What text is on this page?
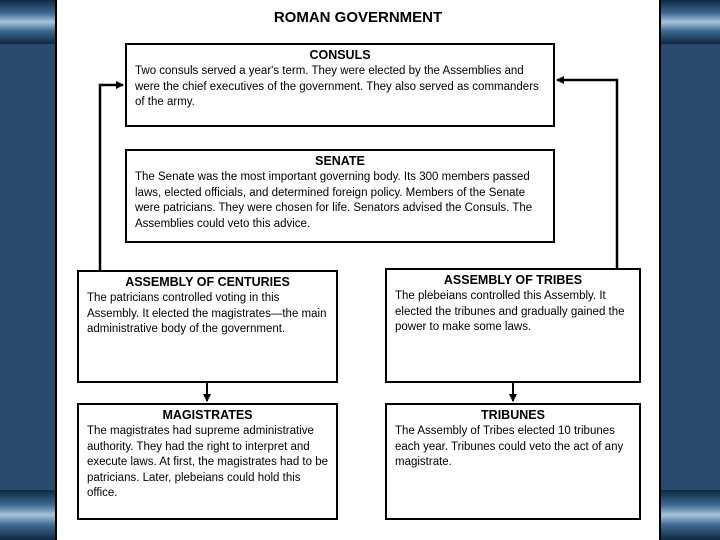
ROMAN GOVERNMENT
CONSULS

Two consuls served a year's term. They were elected by the Assemblies and were the chief executives of the government. They also served as commanders of the army.

SENATE

The Senate was the most important governing body. Its 300 members passed laws, elected officials, and determined foreign policy. Members of the Senate were patricians. They were chosen for life. Senators advised the Consuls. The Assemblies could veto this advice.

ASSEMBLY OF CENTURIES

The patricians controlled voting in this Assembly. It elected the magistrates—the main administrative body of the government.

ASSEMBLY OF TRIBES

The plebeians controlled this Assembly. It elected the tribunes and gradually gained the power to make some laws.

MAGISTRATES

The magistrates had supreme administrative authority. They had the right to interpret and execute laws. At first, the magistrates had to be patricians. Later, plebeians could hold this office.

TRIBUNES

The Assembly of Tribes elected 10 tribunes each year. Tribunes could veto the act of any magistrate.
